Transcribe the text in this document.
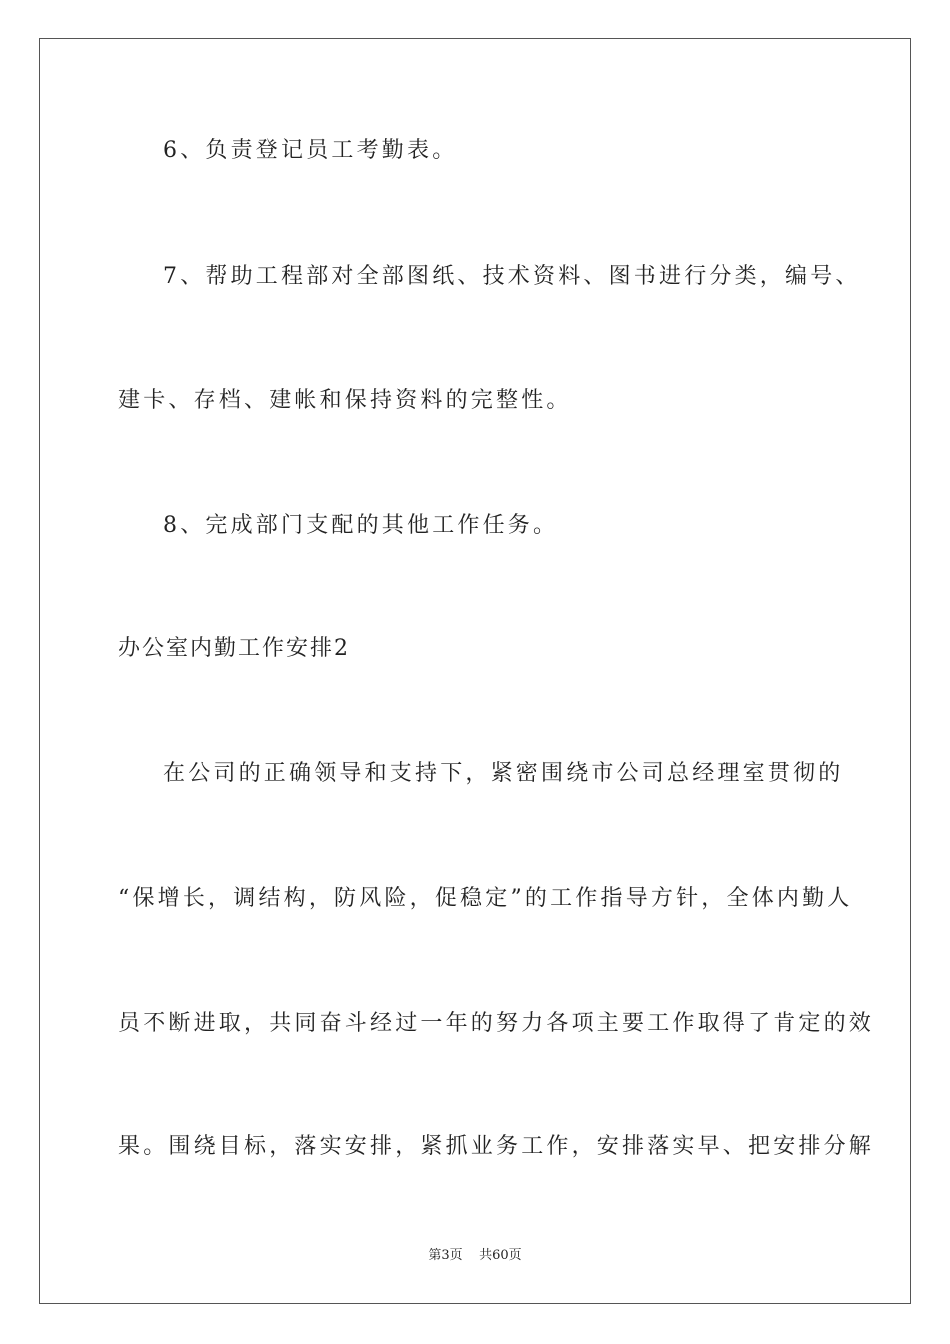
6、负责登记员工考勤表。
7、帮助工程部对全部图纸、技术资料、图书进行分类，编号、
建卡、存档、建帐和保持资料的完整性。
8、完成部门支配的其他工作任务。
办公室内勤工作安排2
在公司的正确领导和支持下，紧密围绕市公司总经理室贯彻的
“保增长，调结构，防风险，促稳定”的工作指导方针，全体内勤人
员不断进取，共同奋斗经过一年的努力各项主要工作取得了肯定的效
果。围绕目标，落实安排，紧抓业务工作，安排落实早、把安排分解
第3页 共60页
